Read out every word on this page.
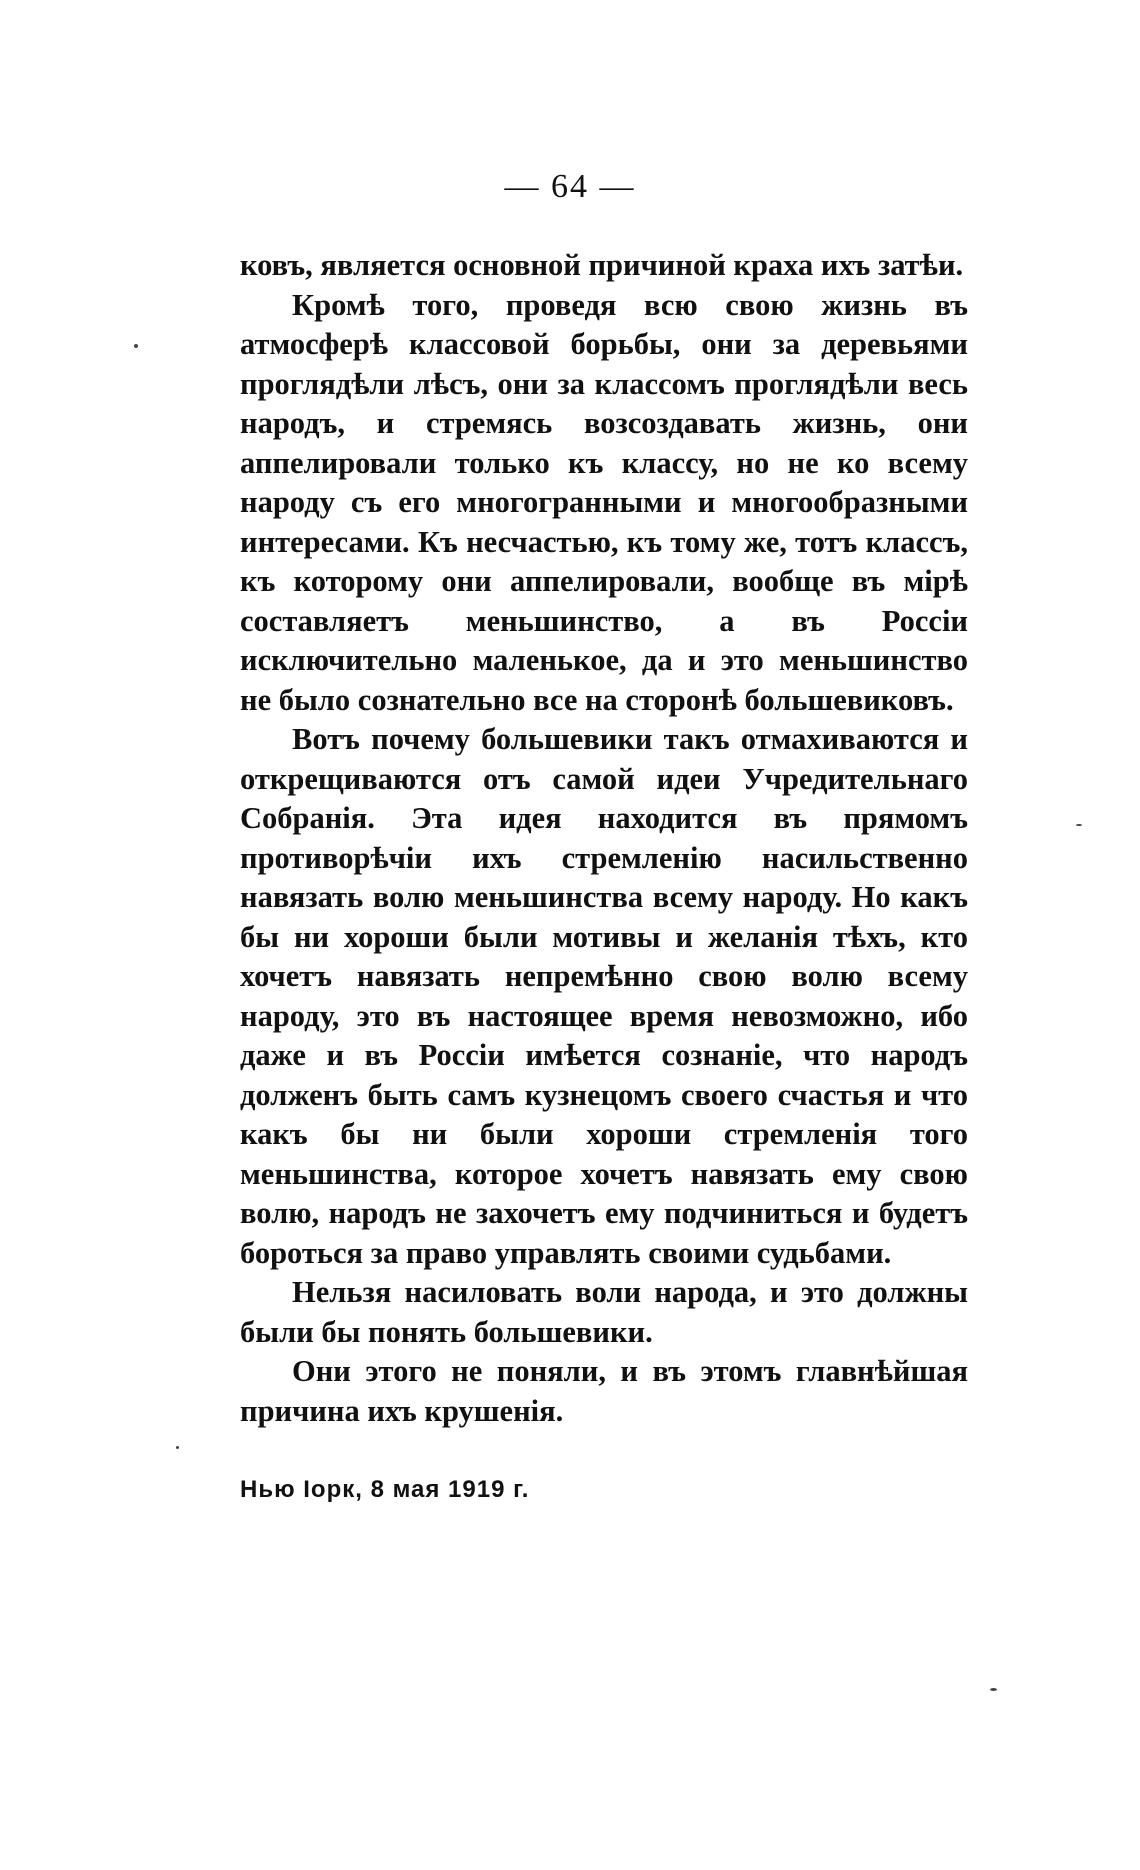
— 64 —

ковъ, является основной причиной краха ихъ затѣи.

Кромѣ того, проведя всю свою жизнь въ атмосферѣ классовой борьбы, они за деревьями проглядѣли лѣсъ, они за классомъ проглядѣли весь народъ, и стремясь возсоздавать жизнь, они аппелировали только къ классу, но не ко всему народу съ его многогранными и многообразными интересами. Къ несчастью, къ тому же, тотъ классъ, къ которому они аппелировали, вообще въ мірѣ составляетъ меньшинство, а въ Россіи исключительно маленькое, да и это меньшинство не было сознательно все на сторонѣ большевиковъ.

Вотъ почему большевики такъ отмахиваются и открещиваются отъ самой идеи Учредительнаго Собранія. Эта идея находится въ прямомъ противорѣчіи ихъ стремленію насильственно навязать волю меньшинства всему народу. Но какъ бы ни хороши были мотивы и желанія тѣхъ, кто хочетъ навязать непремѣнно свою волю всему народу, это въ настоящее время невозможно, ибо даже и въ Россіи имѣется сознаніе, что народъ долженъ быть самъ кузнецомъ своего счастья и что какъ бы ни были хороши стремленія того меньшинства, которое хочетъ навязать ему свою волю, народъ не захочетъ ему подчиниться и будетъ бороться за право управлять своими судьбами.

Нельзя насиловать воли народа, и это должны были бы понять большевики.

Они этого не поняли, и въ этомъ главнѣйшая причина ихъ крушенія.

Нью Іорк, 8 мая 1919 г.
